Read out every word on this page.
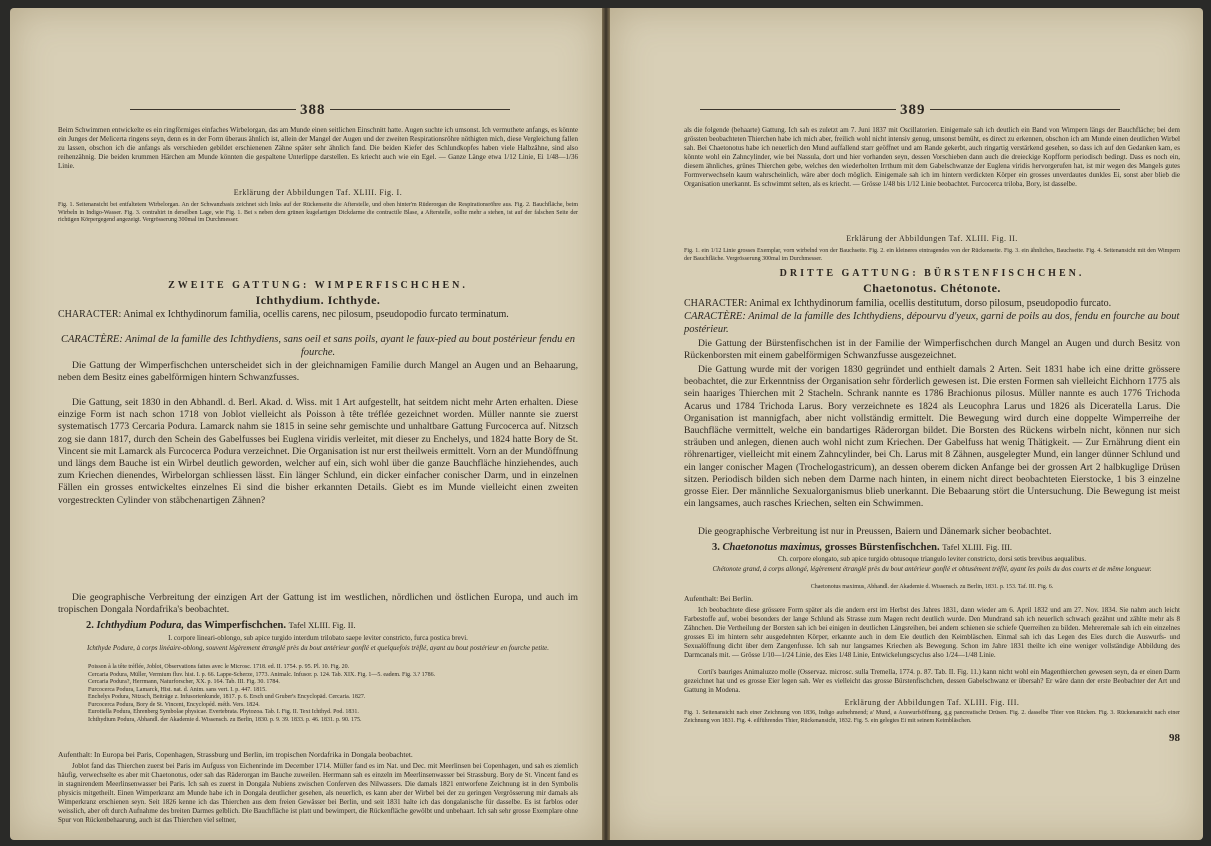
388
Beim Schwimmen entwickelte es ein ringförmiges einfaches Wirbelorgan, das am Munde einen seitlichen Einschnitt hatte. Augen suchte ich umsonst. Ich vermuthete anfangs, es könnte ein Junges der Melicerta ringens seyn, denn es in der Form überaus ähnlich ist, allein der Mangel der Augen und der zweiten Respirationsröhre nöthigten mich, diese Vergleichung fallen zu lassen, obschon ich die anfangs als verschieden gebildet erschienenen Zähne später sehr ähnlich fand. Die beiden Kiefer des Schlundkopfes haben viele Halbzähne, sind also reihenzähnig. Die beiden krummen Härchen am Munde könnten die gespaltene Unterlippe darstellen. Es kriecht auch wie ein Egel. — Ganze Länge etwa 1/12 Linie, Ei 1/48—1/36 Linie.
Erklärung der Abbildungen Taf. XLIII. Fig. I.
Fig. 1. Seitenansicht bei entfaltetem Wirbelorgan. An der Schwanzbasis zeichnet sich links auf der Rückenseite die Afterstelle, und oben hinter'm Rüderorgan die Respirationsröhre aus. Fig. 2. Bauchfläche, beim Wirbeln in Indigo-Wasser. Fig. 3. contrahirt in derselben Lage, wie Fig. 1. Bei s neben dem grünen kugelartigen Dickdarme die contractile Blase, a Afterstelle, sollte mehr a stehen, ist auf der falschen Seite der richtigen Körpergegend angezeigt. Vergrösserung 300mal im Durchmesser.
ZWEITE GATTUNG: WIMPERFISCHCHEN.
Ichthydium. Ichthyde.
CHARACTER: Animal ex Ichthydinorum familia, ocellis carens, nec pilosum, pseudopodio furcato terminatum.
CARACTÈRE: Animal de la famille des Ichthydiens, sans oeil et sans poils, ayant le faux-pied au bout postérieur fendu en fourche.
Die Gattung der Wimperfischchen unterscheidet sich in der gleichnamigen Familie durch Mangel an Augen und an Behaarung, neben dem Besitz eines gabelförmigen hintern Schwanzfusses.
Die Gattung, seit 1830 in den Abhandl. d. Berl. Akad. d. Wiss. mit 1 Art aufgestellt, hat seitdem nicht mehr Arten erhalten. Diese einzige Form ist nach schon 1718 von Joblot vielleicht als Poisson à tête tréflée gezeichnet worden. Müller nannte sie zuerst systematisch 1773 Cercaria Podura. Lamarck nahm sie 1815 in seine sehr gemischte und unhaltbare Gattung Furcocerca auf. Nitzsch zog sie dann 1817, durch den Schein des Gabelfusses bei Euglena viridis verleitet, mit dieser zu Enchelys, und 1824 hatte Bory de St. Vincent sie mit Lamarck als Furcocerca Podura verzeichnet. Die Organisation ist nur erst theilweis ermittelt. Vorn an der Mundöffnung und längs dem Bauche ist ein Wirbel deutlich geworden, welcher auf ein, sich wohl über die ganze Bauchfläche hinziehendes, auch zum Kriechen dienendes, Wirbelorgan schliessen lässt. Ein länger Schlund, ein dicker einfacher conischer Darm, und in einzelnen Fällen ein grosses entwickeltes einzelnes Ei sind die bisher erkannten Details. Giebt es im Munde vielleicht einen zweiten vorgestreckten Cylinder von stäbchenartigen Zähnen?
Die geographische Verbreitung der einzigen Art der Gattung ist im westlichen, nördlichen und östlichen Europa, und auch im tropischen Dongala Nordafrika's beobachtet.
2. Ichthydium Podura, das Wimperfischchen. Tafel XLIII. Fig. II.
I. corpore lineari-oblongo, sub apice turgido interdum trilobato saepe leviter constricto, furca postica brevi.
Ichthyde Podure, à corps linéaire-oblong, souvent légèrement étranglé près du bout antérieur gonflé et quelquefois trèflé, ayant au bout postérieur en fourche petite.
Poisson à la tête tréflée, Joblot, Observations faites avec le Microsc. 1718. ed. II. 1754. p. 95. Pl. 10. Fig. 20.
Cercaria Podura, Müller, Vermium fluv. hist. I. p. 66. Lappe-Scherze, 1773. Animalc. Infusor. p. 124. Tab. XIX. Fig. 1—5. eadem. Fig. 3.? 1786.
Cercaria Podura?, Herrmann, Naturforscher, XX. p. 164. Tab. III. Fig. 30. 1784.
Furcocerca Podura, Lamarck, Hist. nat. d. Anim. sans vert. I. p. 447. 1815.
Enchelys Podura, Nitzsch, Beiträge z. Infusorienkunde, 1817. p. 6. Ersch und Gruber's Encyclopäd. Cercaria. 1827.
Furcocerca Podura, Bory de St. Vincent, Encyclopéd. méth. Vers. 1824.
Eurotiella Podura, Ehrenberg Symbolae physicae. Evertebrata. Phytozoa. Tab. I. Fig. II. Text Ichthyd. Pod. 1831.
Ichthydium Podura, Abhandl. der Akademie d. Wissensch. zu Berlin, 1830. p. 9. 39. 1833. p. 46. 1831. p. 90. 175.
Aufenthalt: In Europa bei Paris, Copenhagen, Strassburg und Berlin, im tropischen Nordafrika in Dongala beobachtet.
Joblot fand das Thierchen zuerst bei Paris im Aufguss von Eichenrinde im December 1714. Müller fand es im Nat. und Dec. mit Meerlinsen bei Copenhagen, und sah es ziemlich häufig, verwechselte es aber mit Chaetonotus, oder sah das Räderorgan im Bauche zuweilen. Herrmann sah es einzeln im Meerlinsenwasser bei Strassburg. Bory de St. Vincent fand es in stagnirendem Meerlinsenwasser bei Paris. Ich sah es zuerst in Dongala Nubiens zwischen Conferven des Nilwassers. Die damals 1821 entworfene Zeichnung ist in den Symbolis physicis mitgetheilt. Einen Wimperkranz am Munde habe ich in Dongala deutlicher gesehen, als neuerlich, es kann aber der Wirbel bei der zu geringen Vergrösserung mir damals als Wimperkranz erschienen seyn. Seit 1826 kenne ich das Thierchen aus dem freien Gewässer bei Berlin, und seit 1831 halte ich das dongalanische für dasselbe. Es ist farblos oder weisslich, aber oft durch Aufnahme des breiten Darmes gelblich. Die Bauchfläche ist platt und bewimpert, die Rückenfläche gewölbt und unbehaart. Ich sah sehr grosse Exemplare ohne Spur von Rückenbehaarung, auch ist das Thierchen viel seltner,
389
als die folgende (behaarte) Gattung. Ich sah es zuletzt am 7. Juni 1837 mit Oscillatorien. Einigemale sah ich deutlich ein Band von Wimpern längs der Bauchfläche; bei dem grössten beobachteten Thierchen habe ich mich aber, freilich wohl nicht intensiv genug, umsonst bemüht, es direct zu erkennen, obschon ich am Munde einen deutlichen Wirbel sah. Bei Chaetonotus habe ich neuerlich den Mund auffallend starr geöffnet und am Rande gekerbt, auch ringartig verstärkend gesehen, so dass ich auf den Gedanken kam, es könnte wohl ein Zahncylinder, wie bei Nassula, dort und hier vorhanden seyn, dessen Vorschieben dann auch die dreieckige Kopfform periodisch bedingt. Dass es noch ein, diesem ähnliches, grünes Thierchen gebe, welches den wiederholten Irrthum mit dem Gabelschwanze der Euglena viridis hervorgerufen hat, ist mir wegen des Mangels gutes Formverwechseln kaum wahrscheinlich, wäre aber doch möglich. Einigemale sah ich im hintern verdickten Körper ein grosses unverdautes dunkles Ei, sonst aber blieb die Organisation unerkannt. Es schwimmt selten, als es kriecht. — Grösse 1/48 bis 1/12 Linie beobachtet. Furcocerca triloba, Bory, ist dasselbe.
Erklärung der Abbildungen Taf. XLIII. Fig. II.
Fig. 1. ein 1/12 Linie grosses Exemplar, vorn wirbelnd von der Bauchseite. Fig. 2. ein kleineres eintragendes von der Rückenseite. Fig. 3. ein ähnliches, Bauchseite. Fig. 4. Seitenansicht mit den Wimpern der Bauchfläche. Vergrösserung 300mal im Durchmesser.
DRITTE GATTUNG: BÜRSTENFISCHCHEN.
Chaetonotus. Chétonote.
CHARACTER: Animal ex Ichthydinorum familia, ocellis destitutum, dorso pilosum, pseudopodio furcato.
CARACTÈRE: Animal de la famille des Ichthydiens, dépourvu d'yeux, garni de poils au dos, fendu en fourche au bout postérieur.
Die Gattung der Bürstenfischchen ist in der Familie der Wimperfischchen durch Mangel an Augen und durch Besitz von Rückenborsten mit einem gabelförmigen Schwanzfusse ausgezeichnet.
Die Gattung wurde mit der vorigen 1830 gegründet und enthielt damals 2 Arten. Seit 1831 habe ich eine dritte grössere beobachtet, die zur Erkenntniss der Organisation sehr förderlich gewesen ist. Die ersten Formen sah vielleicht Eichhorn 1775 als sein haariges Thierchen mit 2 Stacheln. Schrank nannte es 1786 Brachionus pilosus. Müller nannte es auch 1776 Trichoda Acarus und 1784 Trichoda Larus. Bory verzeichnete es 1824 als Leucophra Larus und 1826 als Diceratella Larus. Die Organisation ist mannigfach, aber nicht vollständig ermittelt. Die Bewegung wird durch eine doppelte Wimperreihe der Bauchfläche vermittelt, welche ein bandartiges Räderorgan bildet. Die Borsten des Rückens wirbeln nicht, können nur sich sträuben und anlegen, dienen auch wohl nicht zum Kriechen. Der Gabelfuss hat wenig Thätigkeit. — Zur Ernährung dient ein röhrenartiger, vielleicht mit einem Zahncylinder, bei Ch. Larus mit 8 Zähnen, ausgelegter Mund, ein langer dünner Schlund und ein langer conischer Magen (Trochelogastricum), an dessen oberem dicken Anfange bei der grossen Art 2 halbkuglige Drüsen sitzen. Periodisch bilden sich neben dem Darme nach hinten, in einem nicht direct beobachteten Eierstocke, 1 bis 3 einzelne grosse Eier. Der männliche Sexualorganismus blieb unerkannt. Die Bebaarung stört die Untersuchung. Die Bewegung ist meist ein langsames, auch rasches Kriechen, selten ein Schwimmen.
Die geographische Verbreitung ist nur in Preussen, Baiern und Dänemark sicher beobachtet.
3. Chaetonotus maximus, grosses Bürstenfischchen. Tafel XLIII. Fig. III.
Ch. corpore elongato, sub apice turgido obtusoque triangulo leviter constricto, dorsi setis brevibus aequalibus.
Chétonote grand, à corps allongé, légèrement étranglé près du bout antérieur gonflé et obtusément tréflé, ayant les poils du dos courts et de même longueur.
Chaetonotus maximus, Abhandl. der Akademie d. Wissensch. zu Berlin, 1831. p. 153. Taf. III. Fig. 6.
Aufenthalt: Bei Berlin.
Ich beobachtete diese grössere Form später als die andern erst im Herbst des Jahres 1831, dann wieder am 6. April 1832 und am 27. Nov. 1834. Sie nahm auch leicht Farbestoffe auf, wobei besonders der lange Schlund als Strasse zum Magen recht deutlich wurde. Den Mundrand sah ich neuerlich schwach gezähnt und zählte mehr als 8 Zähnchen. Die Vertheilung der Borsten sah ich bei einigen in deutlichen Längsreihen, bei andern schienen sie schiefe Querreihen zu bilden. Mehreremale sah ich ein einzelnes grosses Ei im hintern sehr ausgedehnten Körper, erkannte auch in dem Eie deutlich den Keimbläschen. Einmal sah ich das Legen des Eies durch die Auswurfs- und Sexualöffnung dicht über dem Zangenfusse. Ich sah nur langsames Kriechen als Bewegung. Schon im Jahre 1831 theilte ich eine weniger vollständige Abbildung des Darmcanals mit. — Grösse 1/10—1/24 Linie, des Eies 1/48 Linie, Entwickelungscyclus also 1/24—1/48 Linie.
Corti's bauriges Animaluzzo molle (Osservaz. microsc. sulla Tremella, 1774. p. 87. Tab. II. Fig. 11.) kann nicht wohl ein Magenthierchen gewesen seyn, da er einen Darm gezeichnet hat und es grosse Eier legen sah. Wer es vielleicht das grosse Bürstenfischchen, dessen Gabelschwanz er übersah? Er wäre dann der erste Beobachter der Art und Gattung in Modena.
Erklärung der Abbildungen Taf. XLIII. Fig. III.
Fig. 1. Seitenansicht nach einer Zeichnung von 1836, Indigo aufnehmend; a' Mund, a Auswurfsöffnung, g,g pancreatische Drüsen. Fig. 2. dasselbe Thier von Rücken. Fig. 3. Rückenansicht nach einer Zeichnung von 1831. Fig. 4. eilführendes Thier, Rückenansicht, 1832. Fig. 5. ein gelegtes Ei mit seinem Keimbläschen.
98
